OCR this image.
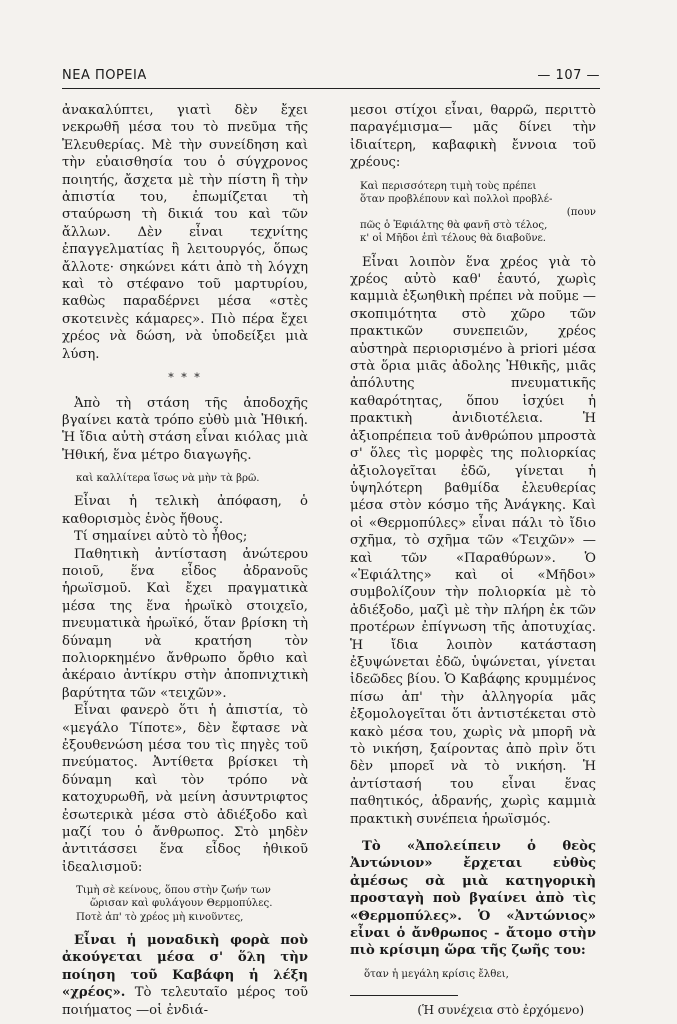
ΝΕΑ ΠΟΡΕΙΑ	— 107 —

ἀνακαλύπτει, γιατὶ δὲν ἔχει νεκρωθῆ μέσα του τὸ πνεῦμα τῆς Ἐλευθερίας. Μὲ τὴν συνείδηση καὶ τὴν εὐαισθησία του ὁ σύγχρονος ποιητής, ἄσχετα μὲ τὴν πίστη ἢ τὴν ἀπιστία του, ἐπωμίζεται τὴ σταύρωση τὴ δικιά του καὶ τῶν ἄλλων. Δὲν εἶναι τεχνίτης ἐπαγγελματίας ἢ λειτουργός, ὅπως ἄλλοτε· σηκώνει κάτι ἀπὸ τὴ λόγχη καὶ τὸ στέφανο τοῦ μαρτυρίου, καθὼς παραδέρνει μέσα «στὲς σκοτεινὲς κάμαρες». Πιὸ πέρα ἔχει χρέος νὰ δώση, νὰ ὑποδείξει μιὰ λύση.

* * *

Ἀπὸ τὴ στάση τῆς ἀποδοχῆς βγαίνει κατὰ τρόπο εὐθὺ μιὰ Ἠθική. Ἡ ἴδια αὐτὴ στάση εἶναι κιόλας μιὰ Ἠθική, ἕνα μέτρο διαγωγῆς.

καὶ καλλίτερα ἴσως νὰ μὴν τὰ βρῶ.

Εἶναι ἡ τελικὴ ἀπόφαση, ὁ καθορισμὸς ἑνὸς ἤθους.

Τί σημαίνει αὐτὸ τὸ ἦθος;

Παθητικὴ ἀντίσταση ἀνώτερου ποιοῦ, ἕνα εἶδος ἀδρανοῦς ἡρωϊσμοῦ. Καὶ ἔχει πραγματικὰ μέσα της ἕνα ἡρωϊκὸ στοιχεῖο, πνευματικὰ ἡρωϊκό, ὅταν βρίσκη τὴ δύναμη νὰ κρατήση τὸν πολιορκημένο ἄνθρωπο ὄρθιο καὶ ἀκέραιο ἀντίκρυ στὴν ἀποπνιχτικὴ βαρύτητα τῶν «τειχῶν».

Εἶναι φανερὸ ὅτι ἡ ἀπιστία, τὸ «μεγάλο Τίποτε», δὲν ἔφτασε νὰ ἐξουθενώση μέσα του τὶς πηγὲς τοῦ πνεύματος. Ἀντίθετα βρίσκει τὴ δύναμη καὶ τὸν τρόπο νὰ κατοχυρωθῆ, νὰ μείνη ἀσυντριφτος ἐσωτερικὰ μέσα στὸ ἀδιέξοδο καὶ μαζί του ὁ ἄνθρωπος. Στὸ μηδὲν ἀντιτάσσει ἕνα εἶδος ἠθικοῦ ἰδεαλισμοῦ:

Τιμὴ σὲ κείνους, ὅπου στὴν ζωήν των
ὥρισαν καὶ φυλάγουν Θερμοπύλες.
Ποτὲ ἀπ' τὸ χρέος μὴ κινοῦντες,

Εἶναι ἡ μοναδικὴ φορὰ ποὺ ἀκούγεται μέσα σ' ὅλη τὴν ποίηση τοῦ Καβάφη ἡ λέξη «χρέος». Τὸ τελευταῖο μέρος τοῦ ποιήματος —οἱ ἐνδιά-

μεσοι στίχοι εἶναι, θαρρῶ, περιττὸ παραγέμισμα— μᾶς δίνει τὴν ἰδιαίτερη, καβαφικὴ ἔννοια τοῦ χρέους:

Καὶ περισσότερη τιμὴ τοὺς πρέπει
ὅταν προβλέπουν καὶ πολλοὶ προβλέ-
(πουν
πῶς ὁ Ἐφιάλτης θὰ φανῆ στὸ τέλος,
κ' οἱ Μῆδοι ἐπὶ τέλους θὰ διαβοῦνε.

Εἶναι λοιπὸν ἕνα χρέος γιὰ τὸ χρέος αὐτὸ καθ' ἑαυτό, χωρὶς καμμιὰ ἐξωηθικὴ πρέπει νὰ ποῦμε —σκοπιμότητα στὸ χῶρο τῶν πρακτικῶν συνεπειῶν, χρέος αὐστηρὰ περιορισμένο à priori μέσα στὰ ὅρια μιᾶς ἀδολης Ἠθικῆς, μιᾶς ἀπόλυτης πνευματικῆς καθαρότητας, ὅπου ἰσχύει ἡ πρακτικὴ ἀνιδιοτέλεια. Ἡ ἀξιοπρέπεια τοῦ ἀνθρώπου μπροστὰ σ' ὅλες τὶς μορφὲς της πολιορκίας ἀξιολογεῖται ἐδῶ, γίνεται ἡ ὑψηλότερη βαθμίδα ἐλευθερίας μέσα στὸν κόσμο τῆς Ἀνάγκης. Καὶ οἱ «Θερμοπύλες» εἶναι πάλι τὸ ἴδιο σχῆμα, τὸ σχῆμα τῶν «Τειχῶν» — καὶ τῶν «Παραθύρων». Ὁ «Ἐφιάλτης» καὶ οἱ «Μῆδοι» συμβολίζουν τὴν πολιορκία μὲ τὸ ἀδιέξοδο, μαζὶ μὲ τὴν πλήρη ἐκ τῶν προτέρων ἐπίγνωση τῆς ἀποτυχίας. Ἡ ἴδια λοιπὸν κατάσταση ἐξυψώνεται ἐδῶ, ὑψώνεται, γίνεται ἰδεῶδες βίου. Ὁ Καβάφης κρυμμένος πίσω ἀπ' τὴν ἀλληγορία μᾶς ἐξομολογεῖται ὅτι ἀντιστέκεται στὸ κακὸ μέσα του, χωρὶς νὰ μπορῆ νὰ τὸ νικήση, ξαίροντας ἀπὸ πρὶν ὅτι δὲν μπορεῖ νὰ τὸ νικήση. Ἡ ἀντίστασή του εἶναι ἕνας παθητικός, ἀδρανής, χωρὶς καμμιὰ πρακτικὴ συνέπεια ἡρωϊσμός.

Τὸ «Ἀπολείπειν ὁ θεὸς Ἀντώνιον» ἔρχεται εὐθὺς ἀμέσως σὰ μιὰ κατηγορικὴ προσταγὴ ποὺ βγαίνει ἀπὸ τὶς «Θερμοπύλες». Ὁ «Ἀντώνιος» εἶναι ὁ ἄνθρωπος - ἄτομο στὴν πιὸ κρίσιμη ὥρα τῆς ζωῆς του:

ὅταν ἡ μεγάλη κρίσις ἔλθει,
(Ἡ συνέχεια στὸ ἐρχόμενο)
